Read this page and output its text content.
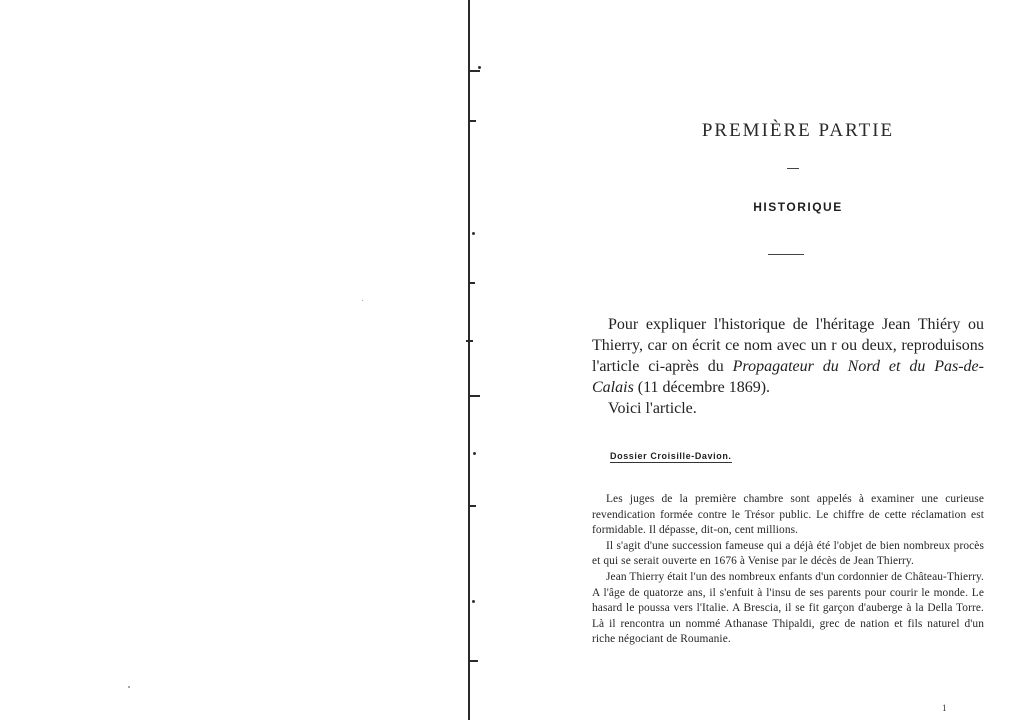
PREMIÈRE PARTIE
HISTORIQUE

Pour expliquer l'historique de l'héritage Jean Thiéry ou Thierry, car on écrit ce nom avec un r ou deux, reproduisons l'article ci-après du Propagateur du Nord et du Pas-de-Calais (11 décembre 1869).

Voici l'article.

Dossier Croisille-Davion.

Les juges de la première chambre sont appelés à examiner une curieuse revendication formée contre le Trésor public. Le chiffre de cette réclamation est formidable. Il dépasse, dit-on, cent millions.

Il s'agit d'une succession fameuse qui a déjà été l'objet de bien nombreux procès et qui se serait ouverte en 1676 à Venise par le décès de Jean Thierry.

Jean Thierry était l'un des nombreux enfants d'un cordonnier de Château-Thierry. A l'âge de quatorze ans, il s'enfuit à l'insu de ses parents pour courir le monde. Le hasard le poussa vers l'Italie. A Brescia, il se fit garçon d'auberge à la Della Torre. Là il rencontra un nommé Athanase Thipaldi, grec de nation et fils naturel d'un riche négociant de Roumanie.

1
